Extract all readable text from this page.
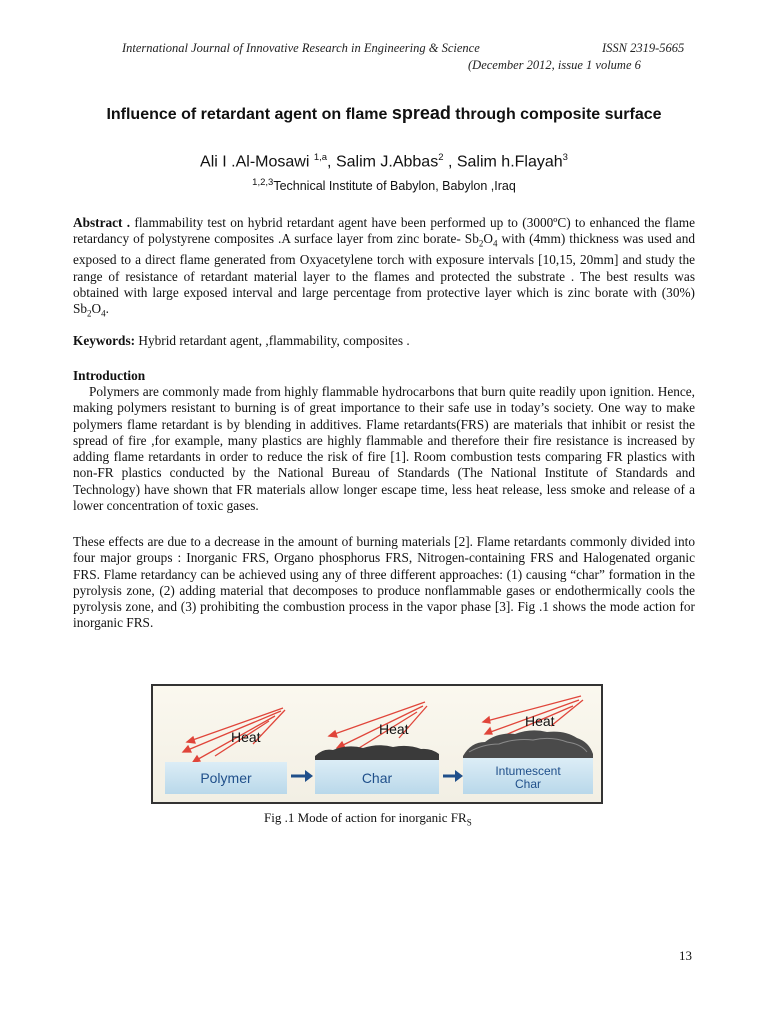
International Journal of Innovative Research in Engineering & Science	ISSN 2319-5665
(December 2012, issue 1 volume 6
Influence of retardant agent on flame spread through composite surface
Ali I .Al-Mosawi $^{1,a}$, Salim J.Abbas$^2$ , Salim h.Flayah$^3$
$^{1,2,3}$Technical Institute of Babylon, Babylon ,Iraq
Abstract . flammability test on hybrid retardant agent have been performed up to (3000ºC) to enhanced the flame retardancy of polystyrene composites .A surface layer from zinc borate- $Sb_2O_4$ with (4mm) thickness was used and exposed to a direct flame generated from Oxyacetylene torch with exposure intervals [10,15, 20mm] and study the range of resistance of retardant material layer to the flames and protected the substrate . The best results was obtained with large exposed interval and large percentage from protective layer which is zinc borate with (30%) $Sb_2O_4$.
Keywords: Hybrid retardant agent, ,flammability, composites .
Introduction
Polymers are commonly made from highly flammable hydrocarbons that burn quite readily upon ignition. Hence, making polymers resistant to burning is of great importance to their safe use in today’s society. One way to make polymers flame retardant is by blending in additives. Flame retardants(FRS) are materials that inhibit or resist the spread of fire ,for example, many plastics are highly flammable and therefore their fire resistance is increased by adding flame retardants in order to reduce the risk of fire [1]. Room combustion tests comparing FR plastics with non-FR plastics conducted by the National Bureau of Standards (The National Institute of Standards and Technology) have shown that FR materials allow longer escape time, less heat release, less smoke and release of a lower concentration of toxic gases.
These effects are due to a decrease in the amount of burning materials [2]. Flame retardants commonly divided into four major groups : Inorganic FRS, Organo phosphorus FRS, Nitrogen-containing FRS and Halogenated organic FRS. Flame retardancy can be achieved using any of three different approaches: (1) causing “char” formation in the pyrolysis zone, (2) adding material that decomposes to produce nonflammable gases or endothermically cools the pyrolysis zone, and (3) prohibiting the combustion process in the vapor phase [3]. Fig .1 shows the mode action for inorganic FRS.
Heat
Polymer
Heat
Char
Heat
Intumescent
Char
Fig .1 Mode of action for inorganic $FR_S$
13
